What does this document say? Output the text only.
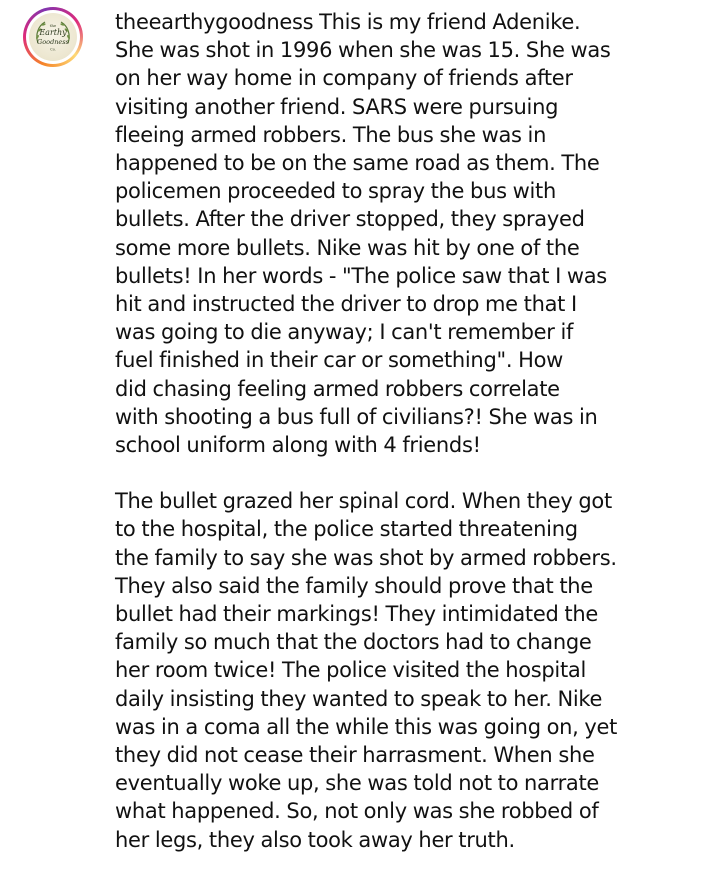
the
Earthy
Goodness
Co.

theearthygoodness This is my friend Adenike.
She was shot in 1996 when she was 15. She was
on her way home in company of friends after
visiting another friend. SARS were pursuing
fleeing armed robbers. The bus she was in
happened to be on the same road as them. The
policemen proceeded to spray the bus with
bullets. After the driver stopped, they sprayed
some more bullets. Nike was hit by one of the
bullets! In her words - "The police saw that I was
hit and instructed the driver to drop me that I
was going to die anyway; I can't remember if
fuel finished in their car or something". How
did chasing feeling armed robbers correlate
with shooting a bus full of civilians?! She was in
school uniform along with 4 friends!

The bullet grazed her spinal cord. When they got
to the hospital, the police started threatening
the family to say she was shot by armed robbers.
They also said the family should prove that the
bullet had their markings! They intimidated the
family so much that the doctors had to change
her room twice! The police visited the hospital
daily insisting they wanted to speak to her. Nike
was in a coma all the while this was going on, yet
they did not cease their harrasment. When she
eventually woke up, she was told not to narrate
what happened. So, not only was she robbed of
her legs, they also took away her truth.
